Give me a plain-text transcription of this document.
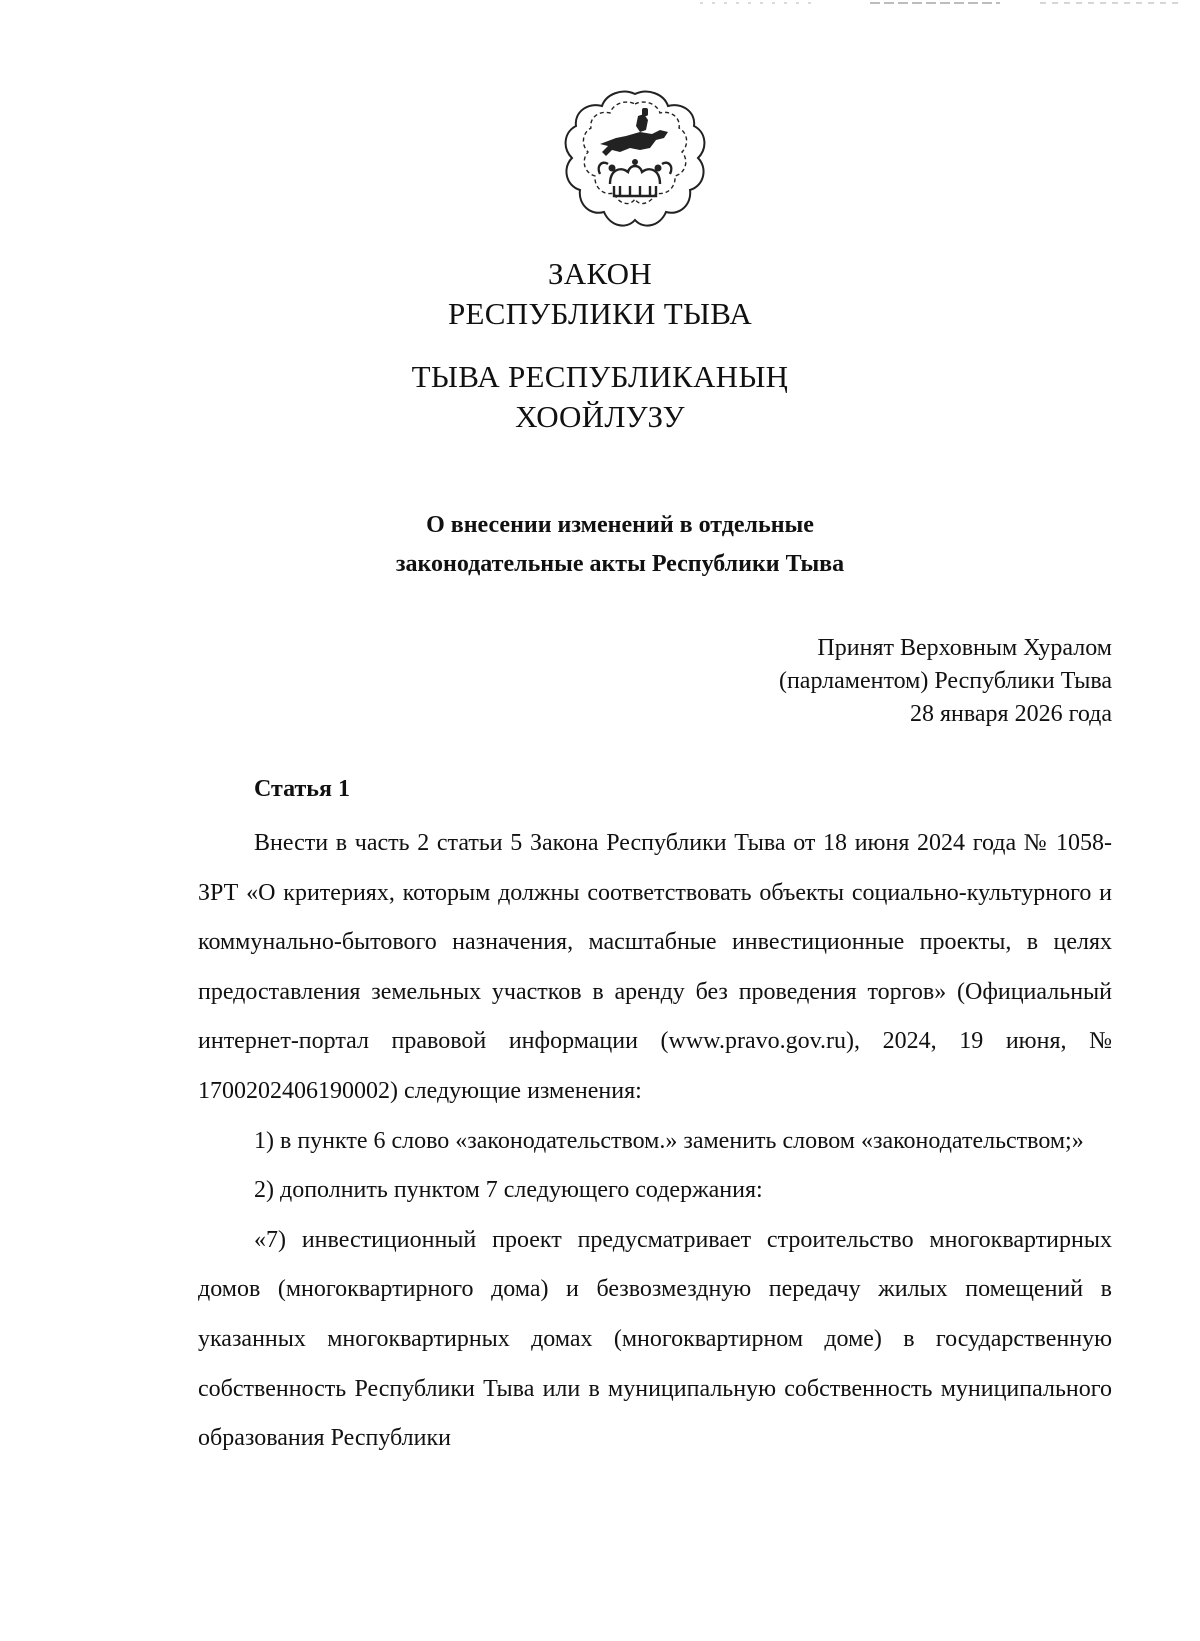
ЗАКОН
РЕСПУБЛИКИ ТЫВА
ТЫВА РЕСПУБЛИКАНЫҢ
ХООЙЛУЗУ
О внесении изменений в отдельные
законодательные акты Республики Тыва
Принят Верховным Хуралом
(парламентом) Республики Тыва
28 января 2026 года
Статья 1

Внести в часть 2 статьи 5 Закона Республики Тыва от 18 июня 2024 года № 1058-ЗРТ «О критериях, которым должны соответствовать объекты социально-культурного и коммунально-бытового назначения, масштабные инвестиционные проекты, в целях предоставления земельных участков в аренду без проведения торгов» (Официальный интернет-портал правовой информации (www.pravo.gov.ru), 2024, 19 июня, № 1700202406190002) следующие изменения:

1) в пункте 6 слово «законодательством.» заменить словом «законодательством;»

2) дополнить пунктом 7 следующего содержания:

«7) инвестиционный проект предусматривает строительство многоквартирных домов (многоквартирного дома) и безвозмездную передачу жилых помещений в указанных многоквартирных домах (многоквартирном доме) в государственную собственность Республики Тыва или в муниципальную собственность муниципального образования Республики
